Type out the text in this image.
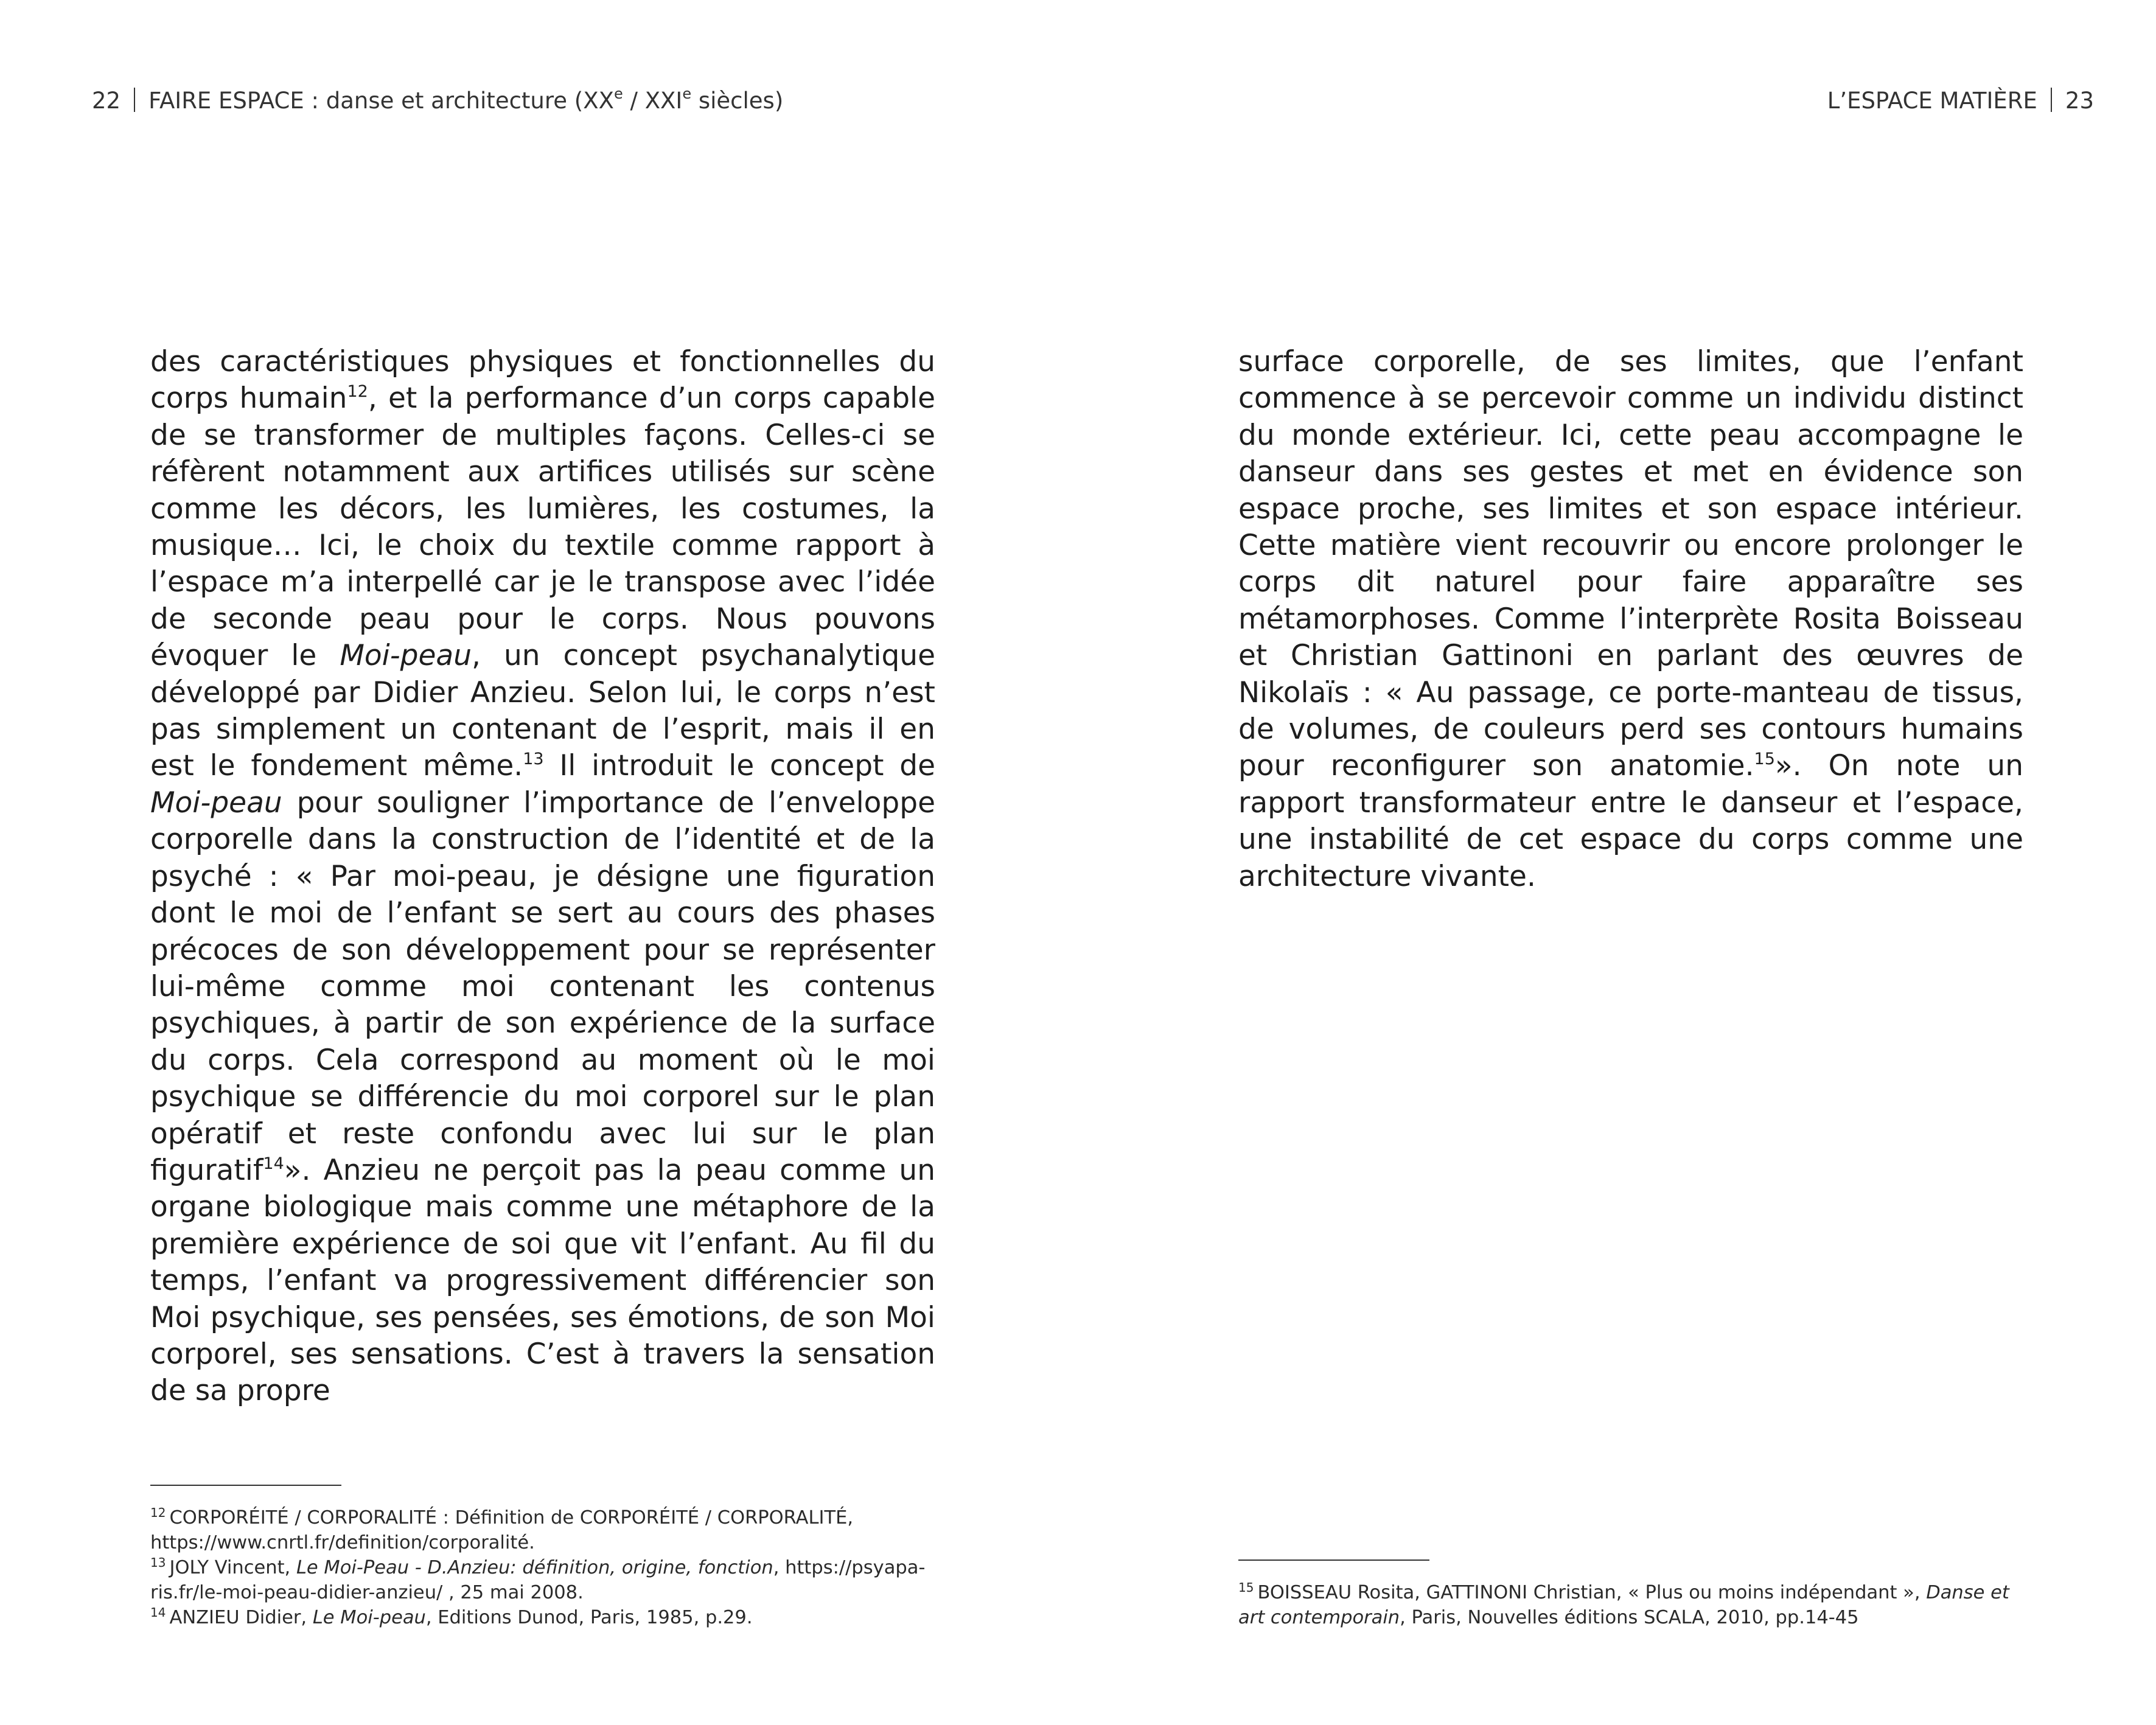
22 FAIRE ESPACE : danse et architecture (XXe / XXIe siècles)
des caractéristiques physiques et fonctionnelles du corps humain$^{12}$, et la performance d’un corps capable de se transformer de multiples façons. Celles-ci se réfèrent notamment aux artifices utilisés sur scène comme les décors, les lumières, les costumes, la musique… Ici, le choix du textile comme rapport à l’espace m’a interpellé car je le transpose avec l’idée de seconde peau pour le corps. Nous pouvons évoquer le Moi-peau, un concept psychanalytique développé par Didier Anzieu. Selon lui, le corps n’est pas simplement un contenant de l’esprit, mais il en est le fondement même.$^{13}$ Il introduit le concept de Moi-peau pour souligner l’importance de l’enveloppe corporelle dans la construction de l’identité et de la psyché : « Par moi-peau, je désigne une figuration dont le moi de l’enfant se sert au cours des phases précoces de son développement pour se représenter lui-même comme moi contenant les contenus psychiques, à partir de son expérience de la surface du corps. Cela correspond au moment où le moi psychique se différencie du moi corporel sur le plan opératif et reste confondu avec lui sur le plan figuratif$^{14}$». Anzieu ne perçoit pas la peau comme un organe biologique mais comme une métaphore de la première expérience de soi que vit l’enfant. Au fil du temps, l’enfant va progressivement différencier son Moi psychique, ses pensées, ses émotions, de son Moi corporel, ses sensations. C’est à travers la sensation de sa propre

$^{12}$ CORPORÉITÉ / CORPORALITÉ : Définition de CORPORÉITÉ / CORPORALITÉ, https://www.cnrtl.fr/definition/corporalité.

$^{13}$ JOLY Vincent, Le Moi-Peau - D.Anzieu: définition, origine, fonction, https://psyapa-ris.fr/le-moi-peau-didier-anzieu/ , 25 mai 2008.

$^{14}$ ANZIEU Didier, Le Moi-peau, Editions Dunod, Paris, 1985, p.29.

L’ESPACE MATIÈRE 23
surface corporelle, de ses limites, que l’enfant commence à se percevoir comme un individu distinct du monde extérieur. Ici, cette peau accompagne le danseur dans ses gestes et met en évidence son espace proche, ses limites et son espace intérieur. Cette matière vient recouvrir ou encore prolonger le corps dit naturel pour faire apparaître ses métamorphoses. Comme l’interprète Rosita Boisseau et Christian Gattinoni en parlant des œuvres de Nikolaïs : « Au passage, ce porte-manteau de tissus, de volumes, de couleurs perd ses contours humains pour reconfigurer son anatomie.$^{15}$». On note un rapport transformateur entre le danseur et l’espace, une instabilité de cet espace du corps comme une architecture vivante.

$^{15}$ BOISSEAU Rosita, GATTINONI Christian, « Plus ou moins indépendant », Danse et art contemporain, Paris, Nouvelles éditions SCALA, 2010, pp.14-45
